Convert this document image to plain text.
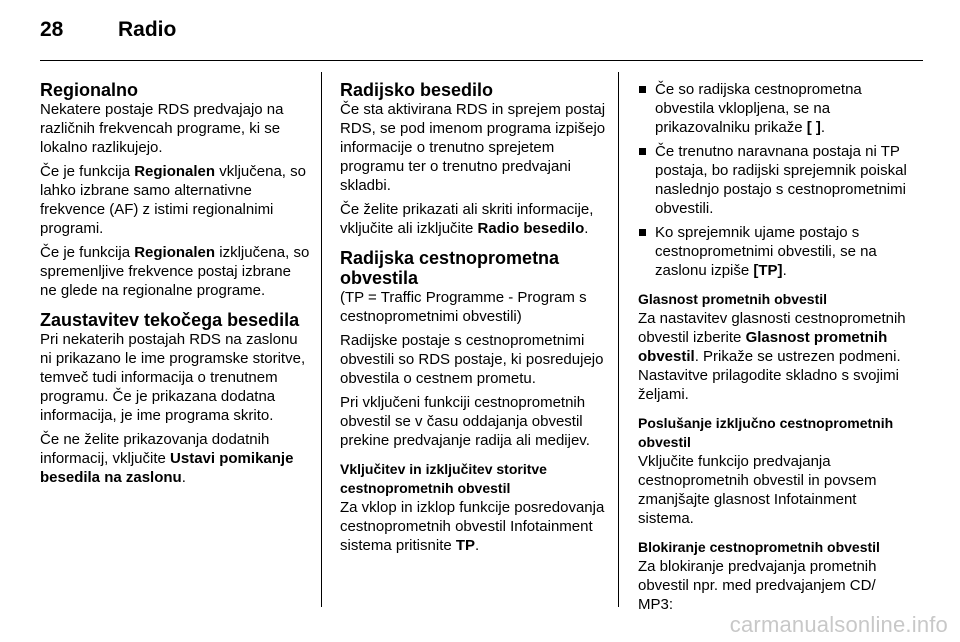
28	Radio
Regionalno

Nekatere postaje RDS predvajajo na različnih frekvencah programe, ki se lokalno razlikujejo.

Če je funkcija Regionalen vključena, so lahko izbrane samo alternativne frekvence (AF) z istimi regionalnimi programi.

Če je funkcija Regionalen izključena, so spremenljive frekvence postaj izbrane ne glede na regionalne programe.

Zaustavitev tekočega besedila

Pri nekaterih postajah RDS na zaslonu ni prikazano le ime programske storitve, temveč tudi informacija o trenutnem programu. Če je prikazana dodatna informacija, je ime programa skrito.

Če ne želite prikazovanja dodatnih informacij, vključite Ustavi pomikanje besedila na zaslonu.

Radijsko besedilo

Če sta aktivirana RDS in sprejem postaj RDS, se pod imenom programa izpišejo informacije o trenutno sprejetem programu ter o trenutno predvajani skladbi.

Če želite prikazati ali skriti informacije, vključite ali izključite Radio besedilo.

Radijska cestnoprometna obvestila

(TP = Traffic Programme - Program s cestnoprometnimi obvestili)

Radijske postaje s cestnoprometnimi obvestili so RDS postaje, ki posredujejo obvestila o cestnem prometu.

Pri vključeni funkciji cestnoprometnih obvestil se v času oddajanja obvestil prekine predvajanje radija ali medijev.

Vključitev in izključitev storitve cestnoprometnih obvestil

Za vklop in izklop funkcije posredovanja cestnoprometnih obvestil Infotainment sistema pritisnite TP.

Če so radijska cestnoprometna obvestila vklopljena, se na prikazovalniku prikaže [ ].
Če trenutno naravnana postaja ni TP postaja, bo radijski sprejemnik poiskal naslednjo postajo s cestnoprometnimi obvestili.
Ko sprejemnik ujame postajo s cestnoprometnimi obvestili, se na zaslonu izpiše [TP].
Glasnost prometnih obvestil

Za nastavitev glasnosti cestnoprometnih obvestil izberite Glasnost prometnih obvestil. Prikaže se ustrezen podmeni. Nastavitve prilagodite skladno s svojimi željami.

Poslušanje izključno cestnoprometnih obvestil

Vključite funkcijo predvajanja cestnoprometnih obvestil in povsem zmanjšajte glasnost Infotainment sistema.

Blokiranje cestnoprometnih obvestil

Za blokiranje predvajanja prometnih obvestil npr. med predvajanjem CD/ MP3:

carmanualsonline.info
